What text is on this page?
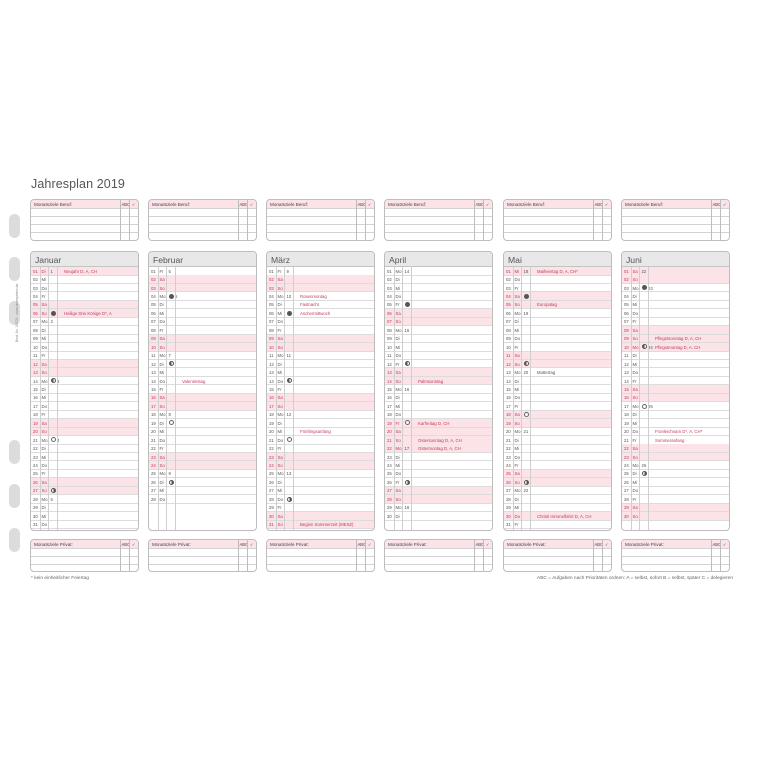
Jahresplan 2019
Best.-Nr. 16278 · www.timesystem.de
Monatsziele Beruf:	ABC ✓
Monatsziele Privat:	ABC ✓
Januar
01 Di 1	Neujahr D, A, CH
02 Mi
03 Do
04 Fr
05 Sa
06 So	Heilige Drei Könige D*, A
07 Mo 2
08 Di
09 Mi
10 Do
11 Fr
12 Sa
13 So
14 Mo 3
15 Di
16 Mi
17 Do
18 Fr
19 Sa
20 So
21 Mo 4
22 Di
23 Mi
24 Do
25 Fr
26 Sa
27 So
28 Mo 5
29 Di
30 Mi
31 Do
Monatsziele Beruf:	ABC ✓
Monatsziele Privat:	ABC ✓
Februar
01 Fr 5
02 Sa
03 So
04 Mo 6
05 Di
06 Mi
07 Do
08 Fr
09 Sa
10 So
11 Mo 7
12 Di
13 Mi
14 Do	Valentinstag
15 Fr
16 Sa
17 So
18 Mo 8
19 Di
20 Mi
21 Do
22 Fr
23 Sa
24 So
25 Mo 9
26 Di
27 Mi
28 Do
Monatsziele Beruf:	ABC ✓
Monatsziele Privat:	ABC ✓
März
01 Fr 9
02 Sa
03 So
04 Mo 10 Rosenmontag
05 Di	Fastnacht
06 Mi	Aschermittwoch
07 Do
08 Fr
09 Sa
10 So
11 Mo 11
12 Di
13 Mi
14 Do
15 Fr
16 Sa
17 So
18 Mo 12
19 Di
20 Mi	Frühlingsanfang
21 Do
22 Fr
23 Sa
24 So
25 Mo 13
26 Di
27 Mi
28 Do
29 Fr
30 Sa
31 So	Beginn Sommerzeit (MESZ)
Monatsziele Beruf:	ABC ✓
Monatsziele Privat:	ABC ✓
April
01 Mo 14
02 Di
03 Mi
04 Do
05 Fr
06 Sa
07 So
08 Mo 15
09 Di
10 Mi
11 Do
12 Fr
13 Sa
14 So	Palmsonntag
15 Mo 16
16 Di
17 Mi
18 Do
19 Fr	Karfreitag D, CH
20 Sa
21 So	Ostersonntag D, A, CH
22 Mo 17 Ostermontag D, A, CH
23 Di
24 Mi
25 Do
26 Fr
27 Sa
28 So
29 Mo 18
30 Di
Monatsziele Beruf:	ABC ✓
Monatsziele Privat:	ABC ✓
Mai
01 Mi 18 Maifeiertag D, A, CH*
02 Do
03 Fr
04 Sa
05 So	Europatag
06 Mo 19
07 Di
08 Mi
09 Do
10 Fr
11 Sa
12 So
13 Mo 20 Muttertag
14 Di
15 Mi
16 Do
17 Fr
18 Sa
19 So
20 Mo 21
21 Di
22 Mi
23 Do
24 Fr
25 Sa
26 So
27 Mo 22
28 Di
29 Mi
30 Do	Christi Himmelfahrt D, A, CH
31 Fr
Monatsziele Beruf:	ABC ✓
Monatsziele Privat:	ABC ✓
Juni
01 Sa 22
02 So
03 Mo 23
04 Di
05 Mi
06 Do
07 Fr
08 Sa
09 So	Pfingstsonntag D, A, CH
10 Mo 24 Pfingstmontag D, A, CH
11 Di
12 Mi
13 Do
14 Fr
15 Sa
16 So
17 Mo 25
18 Di
19 Mi
20 Do	Fronleichnam D*, A, CH*
21 Fr	Sommeranfang
22 Sa
23 So
24 Mo 26
25 Di
26 Mi
27 Do
28 Fr
29 Sa
30 So
* kein einheitlicher Feiertag	ABC = Aufgaben nach Prioritäten ordnen: A = selbst, sofort B = selbst, später C = delegieren
